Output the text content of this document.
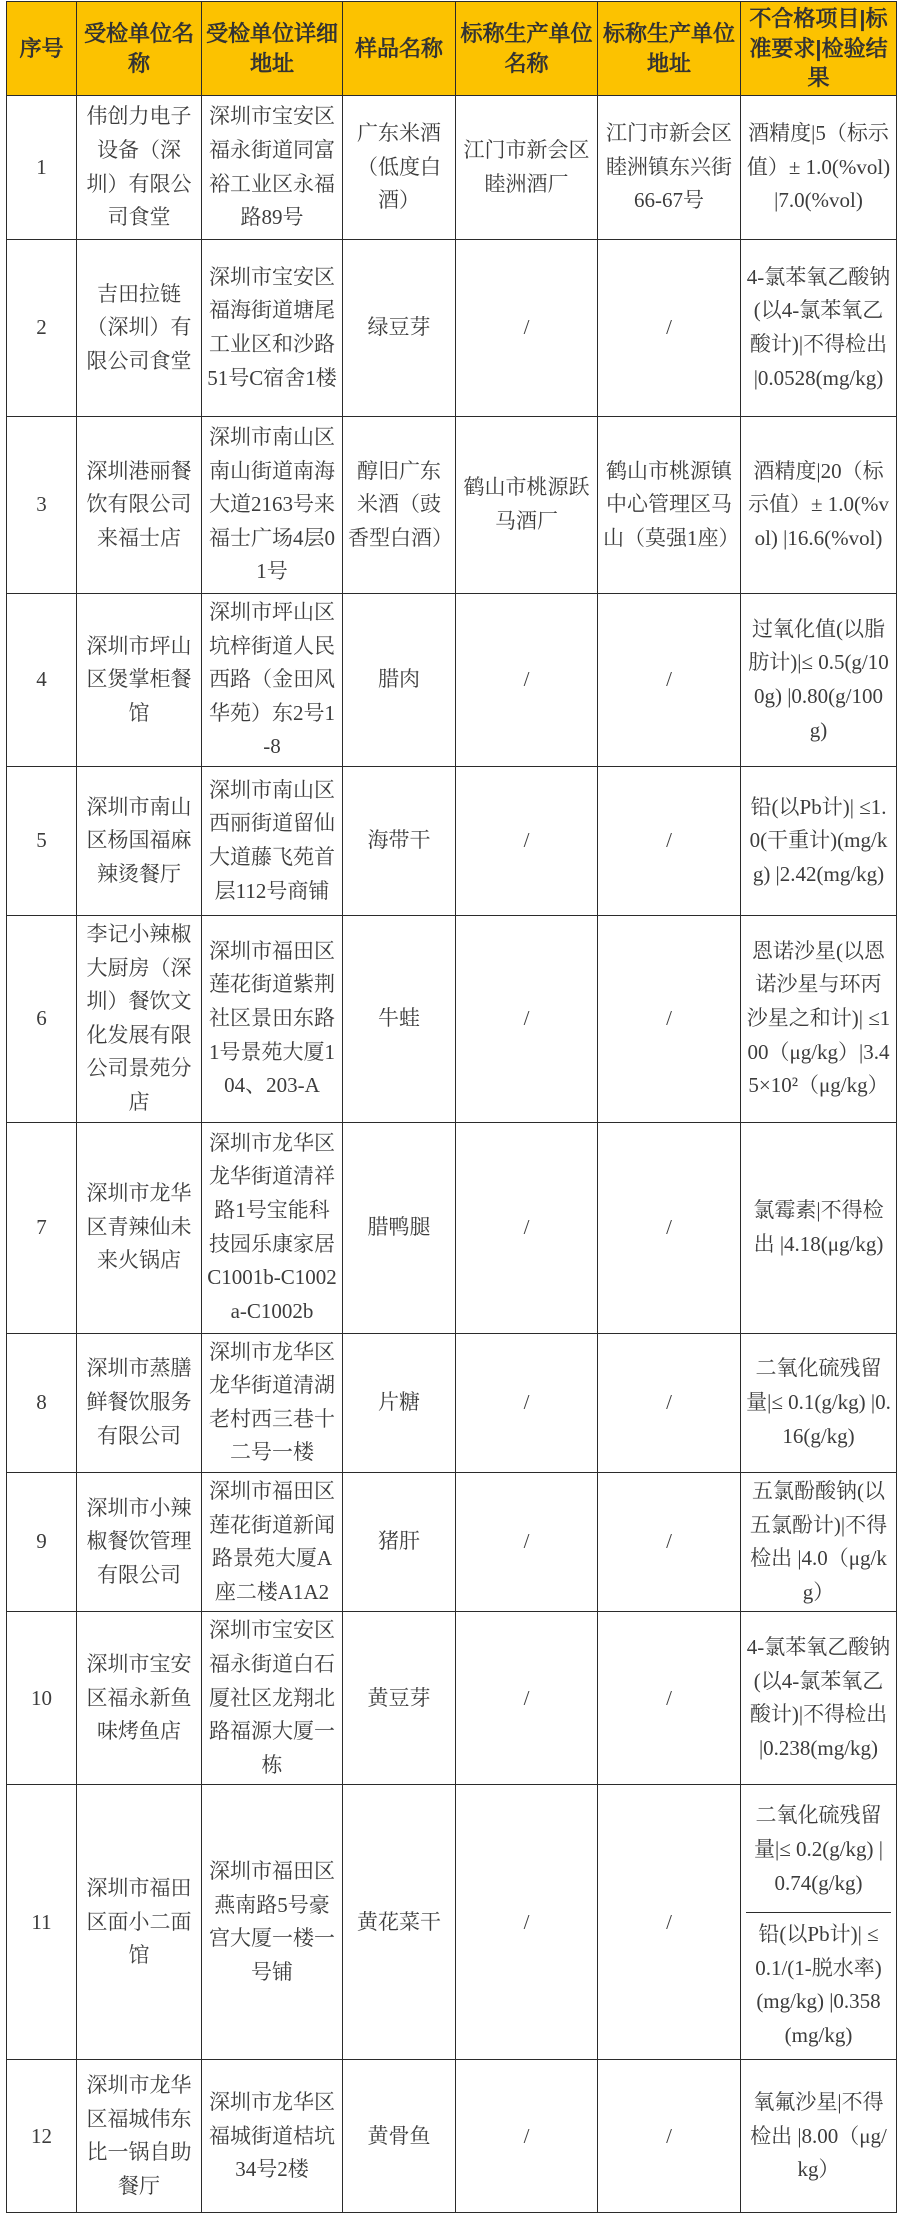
序号	受检单位名称	受检单位详细地址	样品名称	标称生产单位名称	标称生产单位地址	不合格项目|标准要求|检验结果
1	伟创力电子设备（深圳）有限公司食堂	深圳市宝安区福永街道同富裕工业区永福路89号	广东米酒（低度白酒）	江门市新会区睦洲酒厂	江门市新会区睦洲镇东兴街66-67号	酒精度|5（标示值）± 1.0(%vol) |7.0(%vol)
2	吉田拉链（深圳）有限公司食堂	深圳市宝安区福海街道塘尾工业区和沙路51号C宿舍1楼	绿豆芽	/	/	4-氯苯氧乙酸钠(以4-氯苯氧乙酸计)|不得检出 |0.0528(mg/kg)
3	深圳港丽餐饮有限公司来福士店	深圳市南山区南山街道南海大道2163号来福士广场4层01号	醇旧广东米酒（豉香型白酒）	鹤山市桃源跃马酒厂	鹤山市桃源镇中心管理区马山（莫强1座）	酒精度|20（标示值）± 1.0(%vol) |16.6(%vol)
4	深圳市坪山区煲掌柜餐馆	深圳市坪山区坑梓街道人民西路（金田风华苑）东2号1-8	腊肉	/	/	过氧化值(以脂肪计)|≤ 0.5(g/100g) |0.80(g/100g)
5	深圳市南山区杨国福麻辣烫餐厅	深圳市南山区西丽街道留仙大道藤飞苑首层112号商铺	海带干	/	/	铅(以Pb计)| ≤1.0(干重计)(mg/kg) |2.42(mg/kg)
6	李记小辣椒大厨房（深圳）餐饮文化发展有限公司景苑分店	深圳市福田区莲花街道紫荆社区景田东路1号景苑大厦104、203-A	牛蛙	/	/	恩诺沙星(以恩诺沙星与环丙沙星之和计)| ≤100（μg/kg）|3.45×10²（μg/kg）
7	深圳市龙华区青辣仙未来火锅店	深圳市龙华区龙华街道清祥路1号宝能科技园乐康家居C1001b-C1002a-C1002b	腊鸭腿	/	/	氯霉素|不得检出 |4.18(μg/kg)
8	深圳市蒸膳鲜餐饮服务有限公司	深圳市龙华区龙华街道清湖老村西三巷十二号一楼	片糖	/	/	二氧化硫残留量|≤ 0.1(g/kg) |0.16(g/kg)
9	深圳市小辣椒餐饮管理有限公司	深圳市福田区莲花街道新闻路景苑大厦A座二楼A1A2	猪肝	/	/	五氯酚酸钠(以五氯酚计)|不得检出 |4.0（μg/kg）
10	深圳市宝安区福永新鱼味烤鱼店	深圳市宝安区福永街道白石厦社区龙翔北路福源大厦一栋	黄豆芽	/	/	4-氯苯氧乙酸钠(以4-氯苯氧乙酸计)|不得检出 |0.238(mg/kg)
11	深圳市福田区面小二面馆	深圳市福田区燕南路5号豪宫大厦一楼一号铺	黄花菜干	/	/	二氧化硫残留量|≤ 0.2(g/kg) |0.74(g/kg)
铅(以Pb计)| ≤0.1/(1-脱水率)(mg/kg) |0.358(mg/kg)

12	深圳市龙华区福城伟东比一锅自助餐厅	深圳市龙华区福城街道桔坑34号2楼	黄骨鱼	/	/	氧氟沙星|不得检出 |8.00（μg/kg）
